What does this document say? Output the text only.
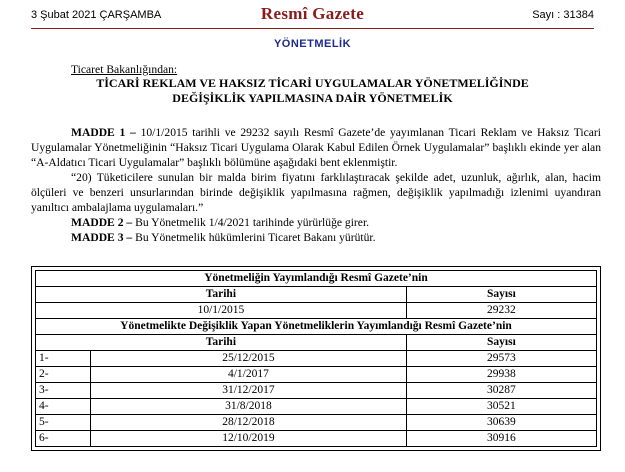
3 Şubat 2021 ÇARŞAMBA	Resmî Gazete	Sayı : 31384
YÖNETMELİK
Ticaret Bakanlığından:
TİCARİ REKLAM VE HAKSIZ TİCARİ UYGULAMALAR YÖNETMELİĞİNDE
DEĞİŞİKLİK YAPILMASINA DAİR YÖNETMELİK

MADDE 1 – 10/1/2015 tarihli ve 29232 sayılı Resmî Gazete’de yayımlanan Ticari Reklam ve Haksız Ticari Uygulamalar Yönetmeliğinin “Haksız Ticari Uygulama Olarak Kabul Edilen Örnek Uygulamalar” başlıklı ekinde yer alan “A-Aldatıcı Ticari Uygulamalar” başlıklı bölümüne aşağıdaki bent eklenmiştir.

“20) Tüketicilere sunulan bir malda birim fiyatını farklılaştıracak şekilde adet, uzunluk, ağırlık, alan, hacim ölçüleri ve benzeri unsurlarından birinde değişiklik yapılmasına rağmen, değişiklik yapılmadığı izlenimi uyandıran yanıltıcı ambalajlama uygulamaları.”

MADDE 2 – Bu Yönetmelik 1/4/2021 tarihinde yürürlüğe girer.

MADDE 3 – Bu Yönetmelik hükümlerini Ticaret Bakanı yürütür.

Yönetmeliğin Yayımlandığı Resmî Gazete’nin		
Tarihi		Sayısı
10/1/2015		29232
Yönetmelikte Değişiklik Yapan Yönetmeliklerin Yayımlandığı Resmî Gazete’nin		
Tarihi		Sayısı
1-	25/12/2015	29573
2-	4/1/2017	29938
3-	31/12/2017	30287
4-	31/8/2018	30521
5-	28/12/2018	30639
6-	12/10/2019	30916
